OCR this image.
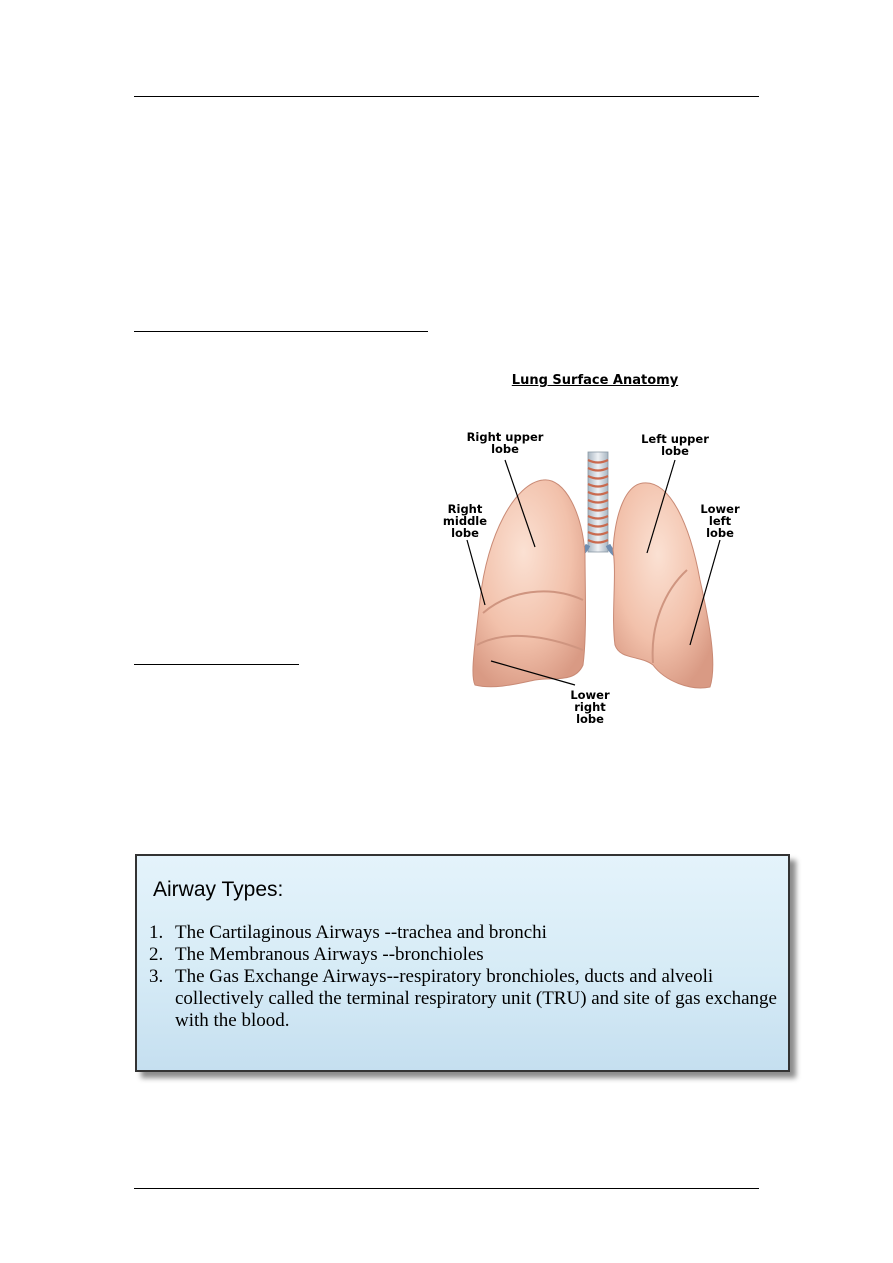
Lung Surface Anatomy
Right upper
lobe
Left upper
lobe
Right
middle
lobe
Lower
left
lobe
Lower
right
lobe
Airway Types:
1. The Cartilaginous Airways --trachea and bronchi
2. The Membranous Airways --bronchioles
3. The Gas Exchange Airways--respiratory bronchioles, ducts and alveoli collectively called the terminal respiratory unit (TRU) and site of gas exchange with the blood.
